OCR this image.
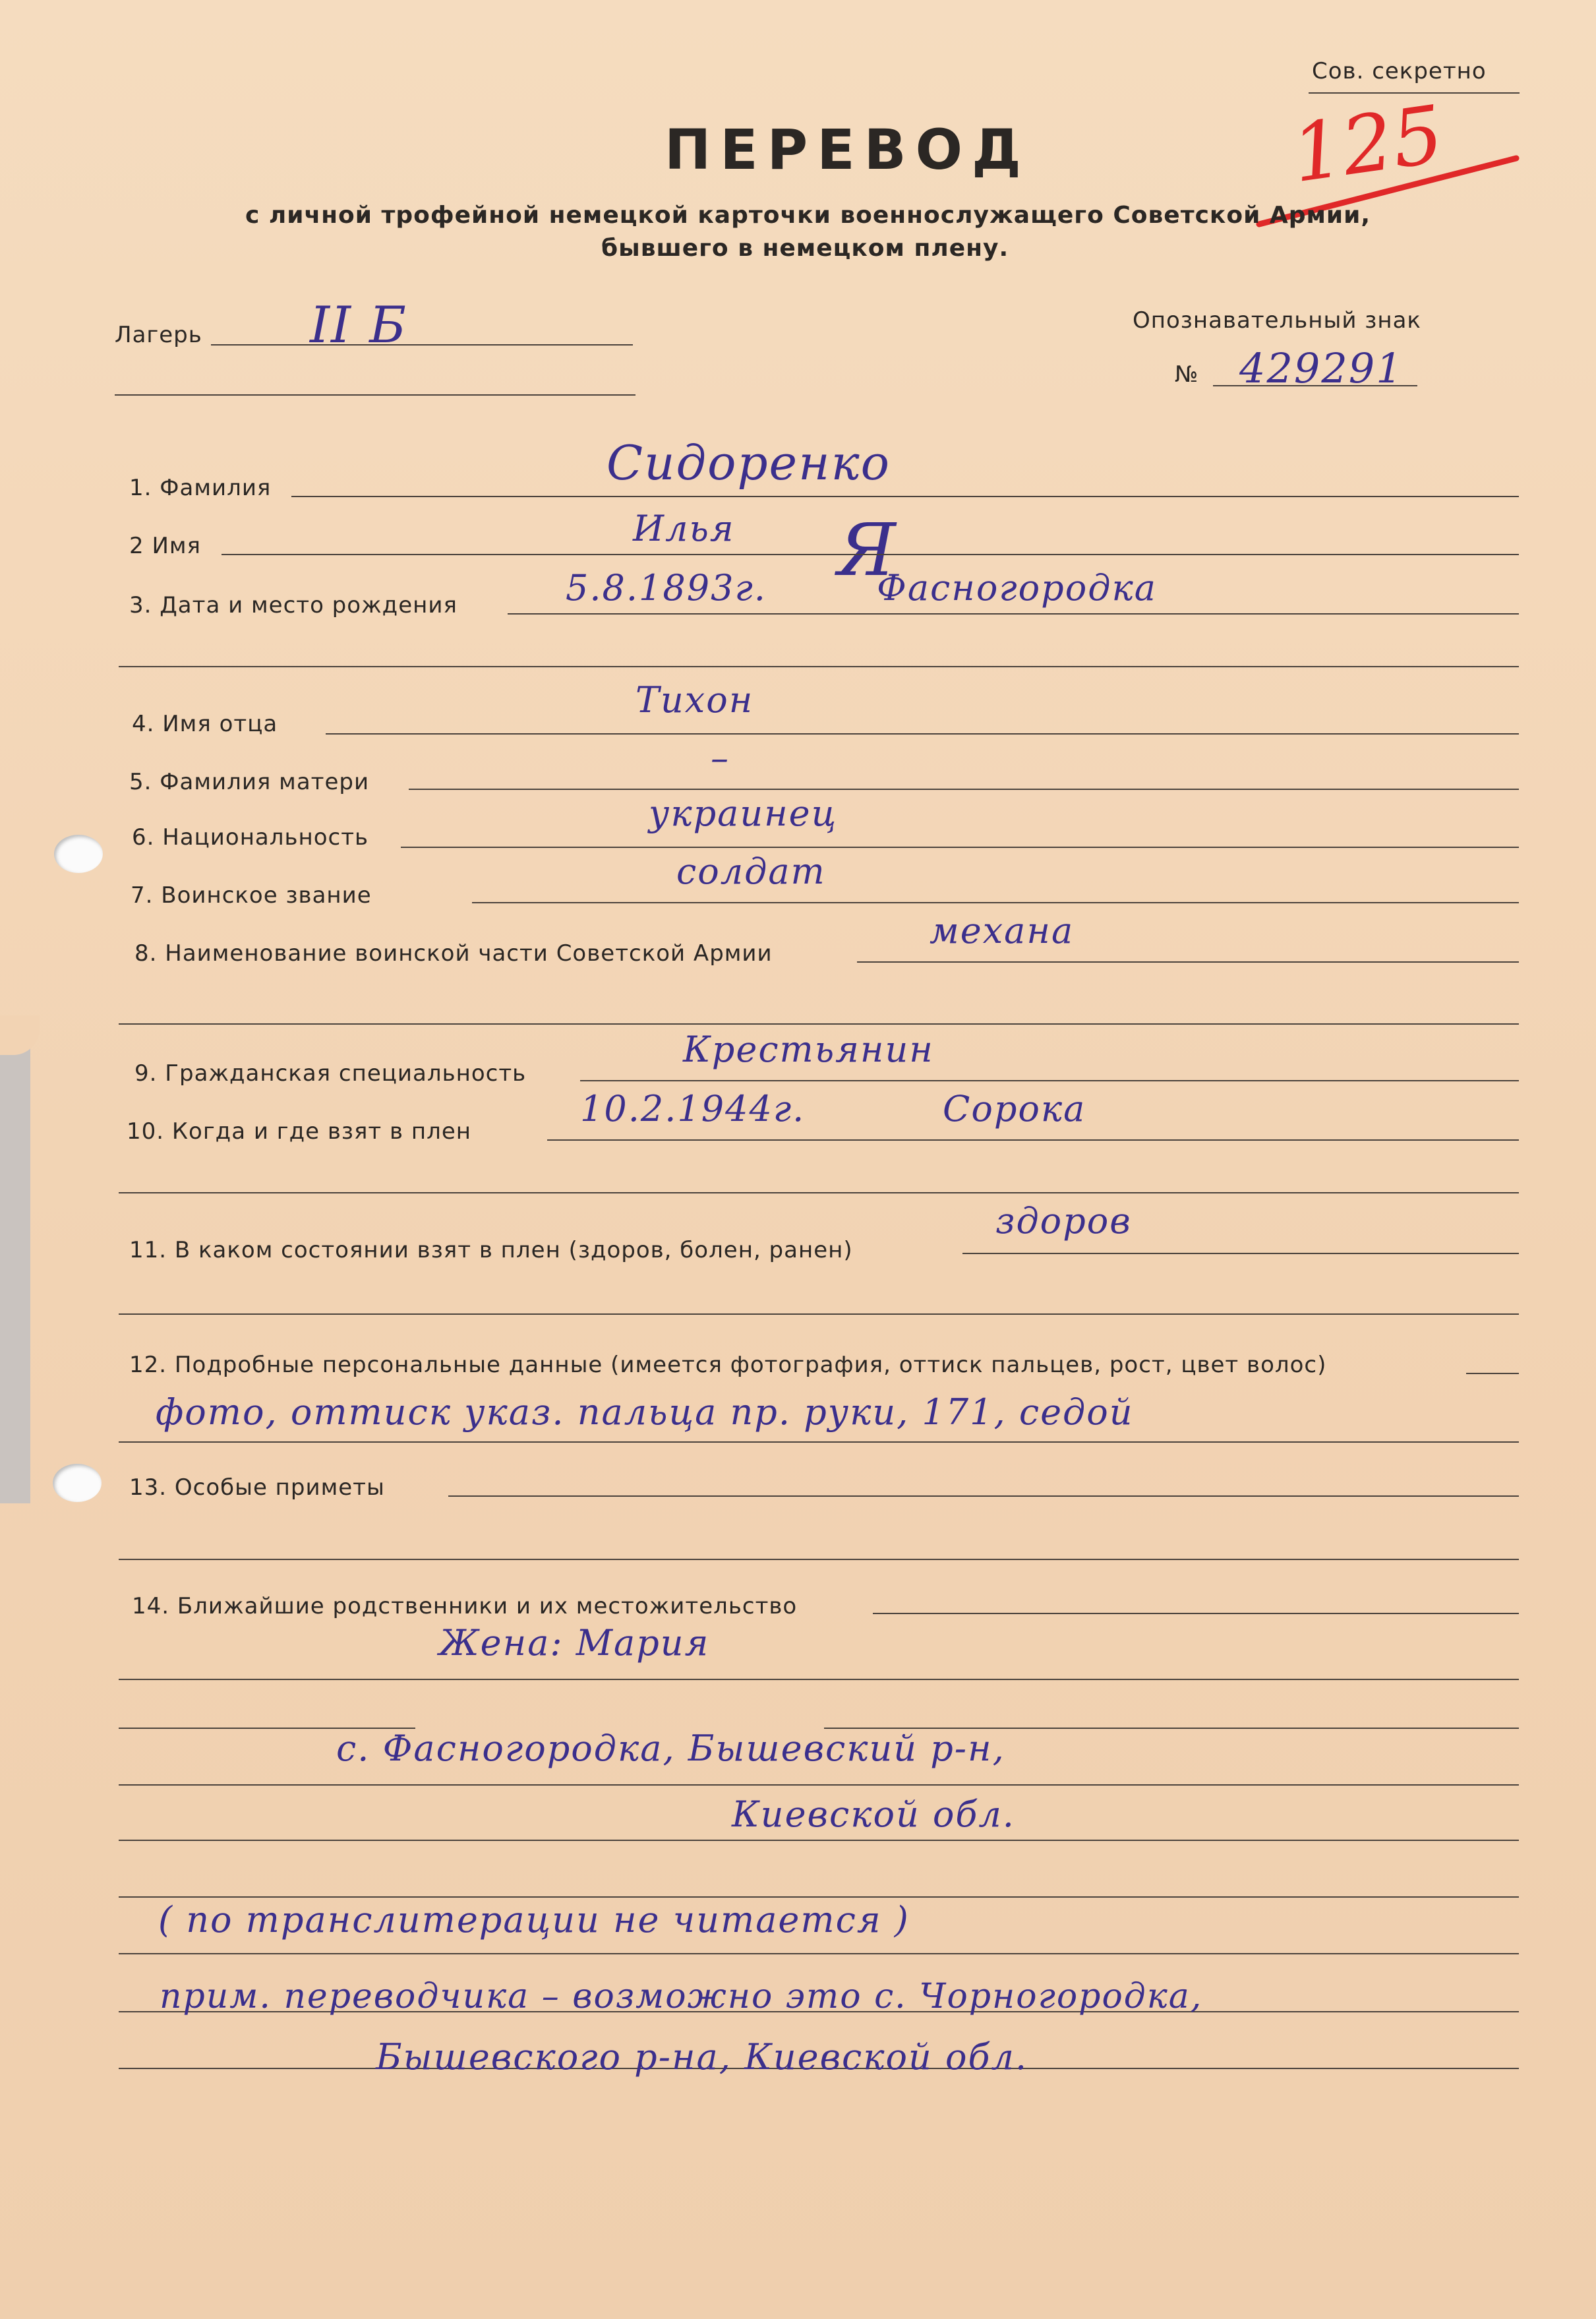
Сов. секретно
125
ПЕРЕВОД
с личной трофейной немецкой карточки военнослужащего Советской Армии,
бывшего в немецком плену.
Лагерь II Б	Опознавательный знак
№ 429291
1. Фамилия	Сидоренко
2 Имя	Илья Я
3. Дата и место рождения	5.8.1893г.	Фасногородка
4. Имя отца
Тихон
5. Фамилия матери
–
6. Национальность
украинец
7. Воинское звание
солдат
8. Наименование воинской части Советской Армии
механа
9. Гражданская специальность
Крестьянин
10. Когда и где взят в плен
10.2.1944г.	Сорока
11. В каком состоянии взят в плен (здоров, болен, ранен)
здоров
12. Подробные персональные данные (имеется фотография, оттиск пальцев, рост, цвет волос)
фото, оттиск указ. пальца пр. руки, 171, седой
13. Особые приметы
14. Ближайшие родственники и их местожительство
Жена: Мария
с. Фасногородка, Бышевский р-н,
Киевской обл.
( по транслитерации не читается )
прим. переводчика – возможно это с. Чорногородка,
Бышевского р-на, Киевской обл.
